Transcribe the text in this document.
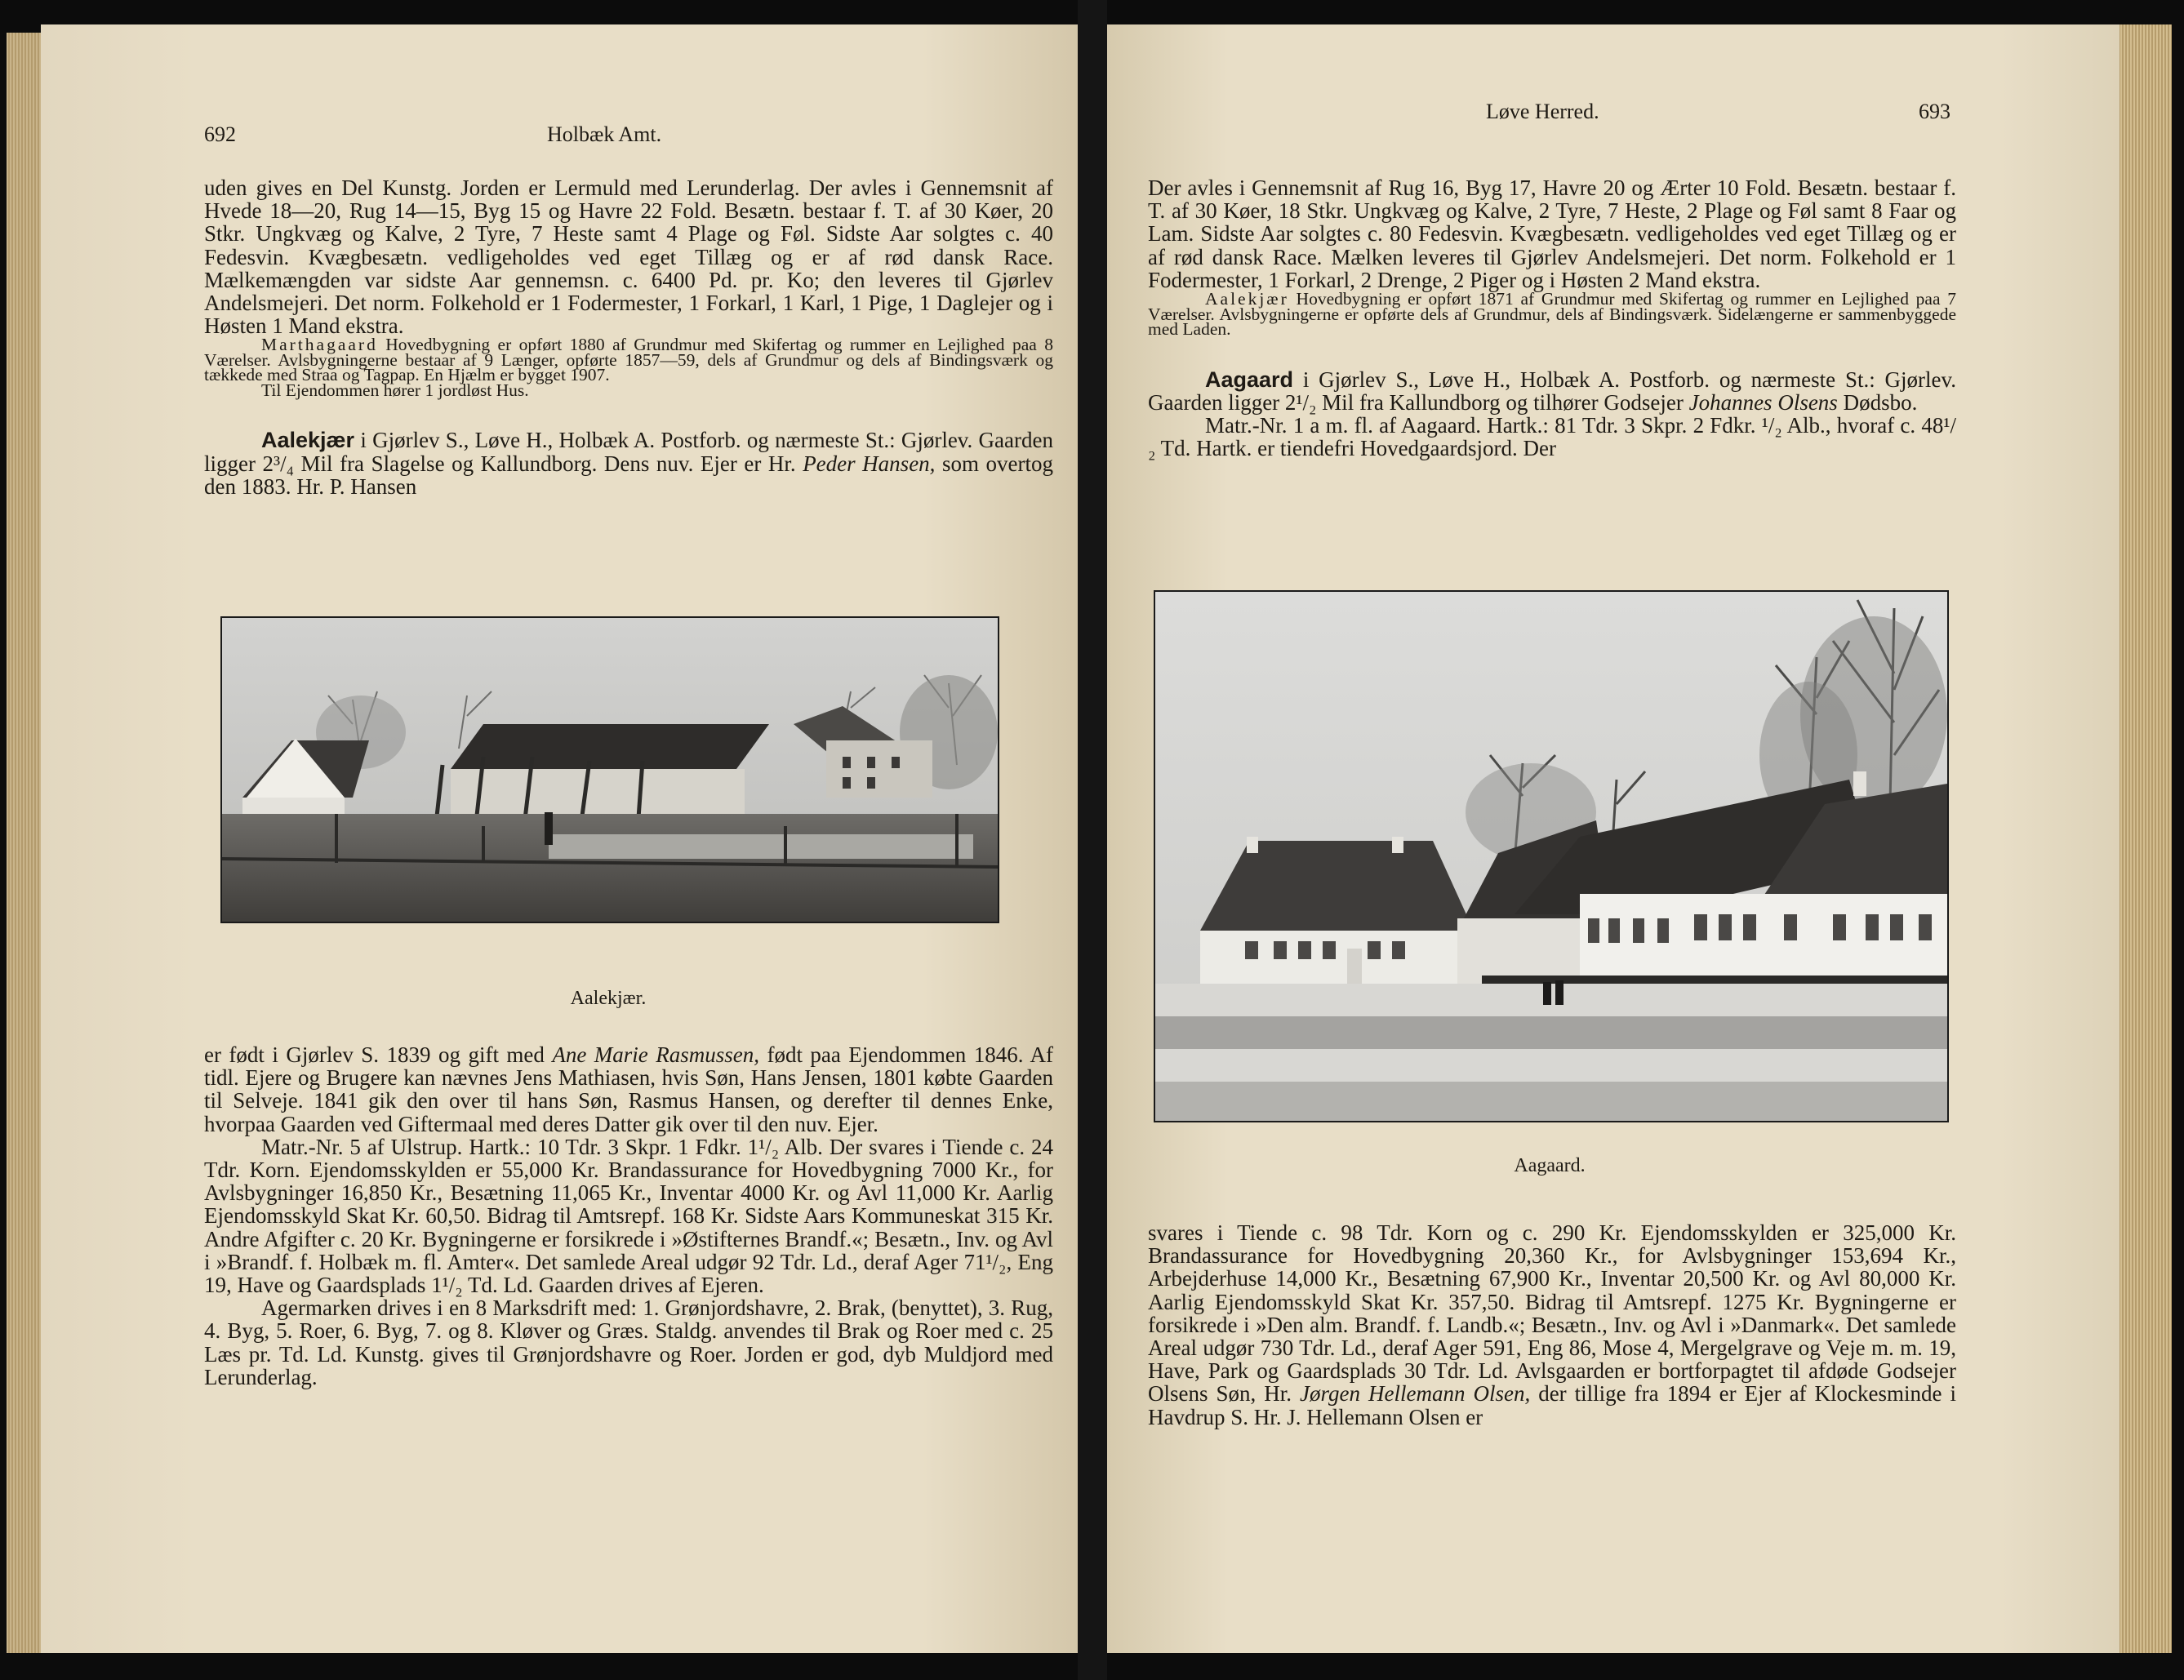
692	Holbæk Amt.

uden gives en Del Kunstg. Jorden er Lermuld med Lerunderlag. Der avles i Gennemsnit af Hvede 18—20, Rug 14—15, Byg 15 og Havre 22 Fold. Besætn. bestaar f. T. af 30 Køer, 20 Stkr. Ungkvæg og Kalve, 2 Tyre, 7 Heste samt 4 Plage og Føl. Sidste Aar solgtes c. 40 Fedesvin. Kvægbesætn. vedligeholdes ved eget Tillæg og er af rød dansk Race. Mælkemængden var sidste Aar gennemsn. c. 6400 Pd. pr. Ko; den leveres til Gjørlev Andelsmejeri. Det norm. Folkehold er 1 Fodermester, 1 Forkarl, 1 Karl, 1 Pige, 1 Daglejer og i Høsten 1 Mand ekstra.

Marthagaard Hovedbygning er opført 1880 af Grundmur med Skifertag og rummer en Lejlighed paa 8 Værelser. Avlsbygningerne bestaar af 9 Længer, opførte 1857—59, dels af Grundmur og dels af Bindingsværk og tækkede med Straa og Tagpap. En Hjælm er bygget 1907.

Til Ejendommen hører 1 jordløst Hus.

Aalekjær i Gjørlev S., Løve H., Holbæk A. Postforb. og nærmeste St.: Gjørlev. Gaarden ligger 2³/₄ Mil fra Slagelse og Kallundborg. Dens nuv. Ejer er Hr. Peder Hansen, som overtog den 1883. Hr. P. Hansen

Aalekjær.

er født i Gjørlev S. 1839 og gift med Ane Marie Rasmussen, født paa Ejendommen 1846. Af tidl. Ejere og Brugere kan nævnes Jens Mathiasen, hvis Søn, Hans Jensen, 1801 købte Gaarden til Selveje. 1841 gik den over til hans Søn, Rasmus Hansen, og derefter til dennes Enke, hvorpaa Gaarden ved Giftermaal med deres Datter gik over til den nuv. Ejer.

Matr.-Nr. 5 af Ulstrup. Hartk.: 10 Tdr. 3 Skpr. 1 Fdkr. 1¹/₂ Alb. Der svares i Tiende c. 24 Tdr. Korn. Ejendomsskylden er 55,000 Kr. Brandassurance for Hovedbygning 7000 Kr., for Avlsbygninger 16,850 Kr., Besætning 11,065 Kr., Inventar 4000 Kr. og Avl 11,000 Kr. Aarlig Ejendomsskyld Skat Kr. 60,50. Bidrag til Amtsrepf. 168 Kr. Sidste Aars Kommuneskat 315 Kr. Andre Afgifter c. 20 Kr. Bygningerne er forsikrede i »Østifternes Brandf.«; Besætn., Inv. og Avl i »Brandf. f. Holbæk m. fl. Amter«. Det samlede Areal udgør 92 Tdr. Ld., deraf Ager 71¹/₂, Eng 19, Have og Gaardsplads 1¹/₂ Td. Ld. Gaarden drives af Ejeren.

Agermarken drives i en 8 Marksdrift med: 1. Grønjordshavre, 2. Brak, (benyttet), 3. Rug, 4. Byg, 5. Roer, 6. Byg, 7. og 8. Kløver og Græs. Staldg. anvendes til Brak og Roer med c. 25 Læs pr. Td. Ld. Kunstg. gives til Grønjordshavre og Roer. Jorden er god, dyb Muldjord med Lerunderlag.

Løve Herred.	693

Der avles i Gennemsnit af Rug 16, Byg 17, Havre 20 og Ærter 10 Fold. Besætn. bestaar f. T. af 30 Køer, 18 Stkr. Ungkvæg og Kalve, 2 Tyre, 7 Heste, 2 Plage og Føl samt 8 Faar og Lam. Sidste Aar solgtes c. 80 Fedesvin. Kvægbesætn. vedligeholdes ved eget Tillæg og er af rød dansk Race. Mælken leveres til Gjørlev Andelsmejeri. Det norm. Folkehold er 1 Fodermester, 1 Forkarl, 2 Drenge, 2 Piger og i Høsten 2 Mand ekstra.

Aalekjær Hovedbygning er opført 1871 af Grundmur med Skifertag og rummer en Lejlighed paa 7 Værelser. Avlsbygningerne er opførte dels af Grundmur, dels af Bindingsværk. Sidelængerne er sammenbyggede med Laden.

Aagaard i Gjørlev S., Løve H., Holbæk A. Postforb. og nærmeste St.: Gjørlev. Gaarden ligger 2¹/₂ Mil fra Kallundborg og tilhører Godsejer Johannes Olsens Dødsbo.

Matr.-Nr. 1 a m. fl. af Aagaard. Hartk.: 81 Tdr. 3 Skpr. 2 Fdkr. ¹/₂ Alb., hvoraf c. 48¹/₂ Td. Hartk. er tiendefri Hovedgaardsjord. Der

Aagaard.

svares i Tiende c. 98 Tdr. Korn og c. 290 Kr. Ejendomsskylden er 325,000 Kr. Brandassurance for Hovedbygning 20,360 Kr., for Avlsbygninger 153,694 Kr., Arbejderhuse 14,000 Kr., Besætning 67,900 Kr., Inventar 20,500 Kr. og Avl 80,000 Kr. Aarlig Ejendomsskyld Skat Kr. 357,50. Bidrag til Amtsrepf. 1275 Kr. Bygningerne er forsikrede i »Den alm. Brandf. f. Landb.«; Besætn., Inv. og Avl i »Danmark«. Det samlede Areal udgør 730 Tdr. Ld., deraf Ager 591, Eng 86, Mose 4, Mergelgrave og Veje m. m. 19, Have, Park og Gaardsplads 30 Tdr. Ld. Avlsgaarden er bortforpagtet til afdøde Godsejer Olsens Søn, Hr. Jørgen Hellemann Olsen, der tillige fra 1894 er Ejer af Klockesminde i Havdrup S. Hr. J. Hellemann Olsen er
